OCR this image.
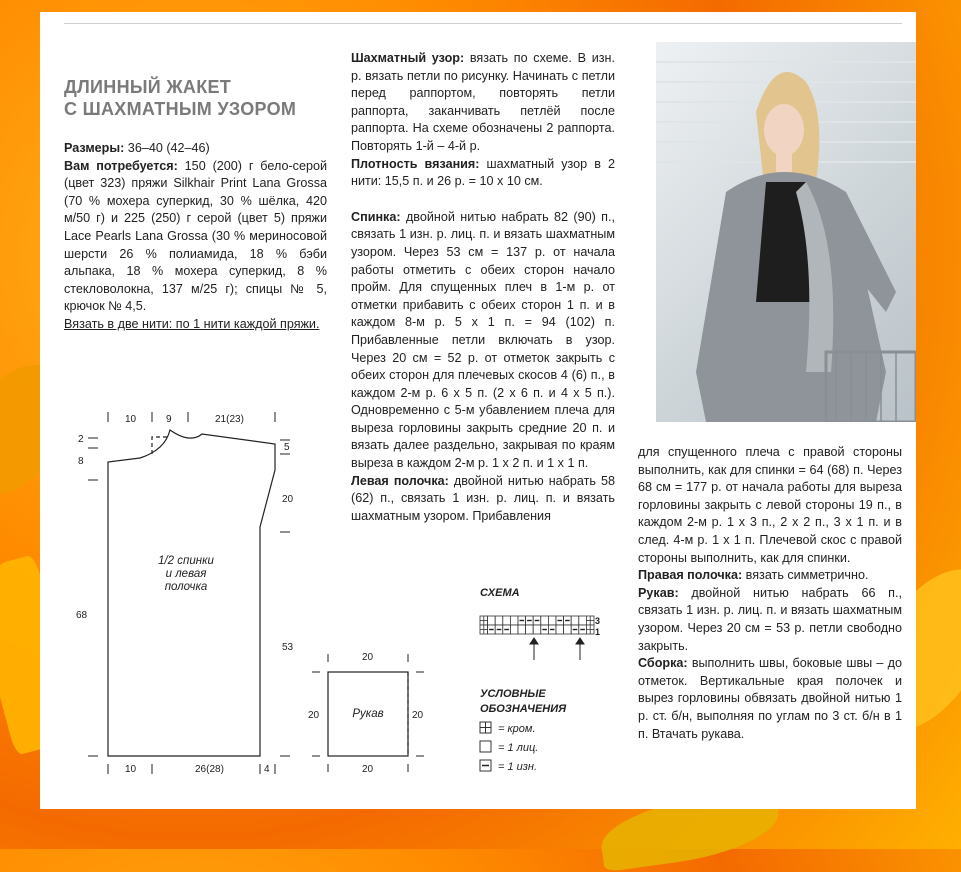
ДЛИННЫЙ ЖАКЕТ
С ШАХМАТНЫМ УЗОРОМ

Размеры: 36–40 (42–46)

Вам потребуется: 150 (200) г бело-серой (цвет 323) пряжи Silkhair Print Lana Grossa (70 % мохера суперкид, 30 % шёлка, 420 м/50 г) и 225 (250) г серой (цвет 5) пряжи Lace Pearls Lana Grossa (30 % мериносовой шерсти 26 % полиамида, 18 % бэби альпака, 18 % мохера суперкид, 8 % стекловолокна, 137 м/25 г); спицы № 5, крючок № 4,5.

Вязать в две нити: по 1 нити каждой пряжи.

Шахматный узор: вязать по схеме. В изн. р. вязать петли по рисунку. Начинать с петли перед раппортом, повторять петли раппорта, заканчивать петлёй после раппорта. На схеме обозначены 2 раппорта. Повторять 1-й – 4-й р.

Плотность вязания: шахматный узор в 2 нити: 15,5 п. и 26 р. = 10 х 10 см.

Спинка: двойной нитью набрать 82 (90) п., связать 1 изн. р. лиц. п. и вязать шахматным узором. Через 53 см = 137 р. от начала работы отметить с обеих сторон начало пройм. Для спущенных плеч в 1-м р. от отметки прибавить с обеих сторон 1 п. и в каждом 8-м р. 5 х 1 п. = 94 (102) п. Прибавленные петли включать в узор. Через 20 см = 52 р. от отметок закрыть с обеих сторон для плечевых скосов 4 (6) п., в каждом 2-м р. 6 х 5 п. (2 х 6 п. и 4 х 5 п.). Одновременно с 5-м убавлением плеча для выреза горловины закрыть средние 20 п. и вязать далее раздельно, закрывая по краям выреза в каждом 2-м р. 1 х 2 п. и 1 х 1 п.

Левая полочка: двойной нитью набрать 58 (62) п., связать 1 изн. р. лиц. п. и вязать шахматным узором. Прибавления

для спущенного плеча с правой стороны выполнить, как для спинки = 64 (68) п. Через 68 см = 177 р. от начала работы для выреза горловины закрыть с левой стороны 19 п., в каждом 2-м р. 1 х 3 п., 2 х 2 п., 3 х 1 п. и в след. 4-м р. 1 х 1 п. Плечевой скос с правой стороны выполнить, как для спинки.

Правая полочка: вязать симметрично.

Рукав: двойной нитью набрать 66 п., связать 1 изн. р. лиц. п. и вязать шахматным узором. Через 20 см = 53 р. петли свободно закрыть.

Сборка: выполнить швы, боковые швы – до отметок. Вертикальные края полочек и вырез горловины обвязать двойной нитью 1 р. ст. б/н, выполняя по углам по 3 ст. б/н в 1 п. Втачать рукава.

10	9	21(23)
2
8
68
5
20
53
10	26(28)	4
20
20	20
20
1/2 спинки
и левая
полочка
Рукав
СХЕМА
3
1
УСЛОВНЫЕ
ОБОЗНАЧЕНИЯ
= кром.
= 1 лиц.
= 1 изн.
